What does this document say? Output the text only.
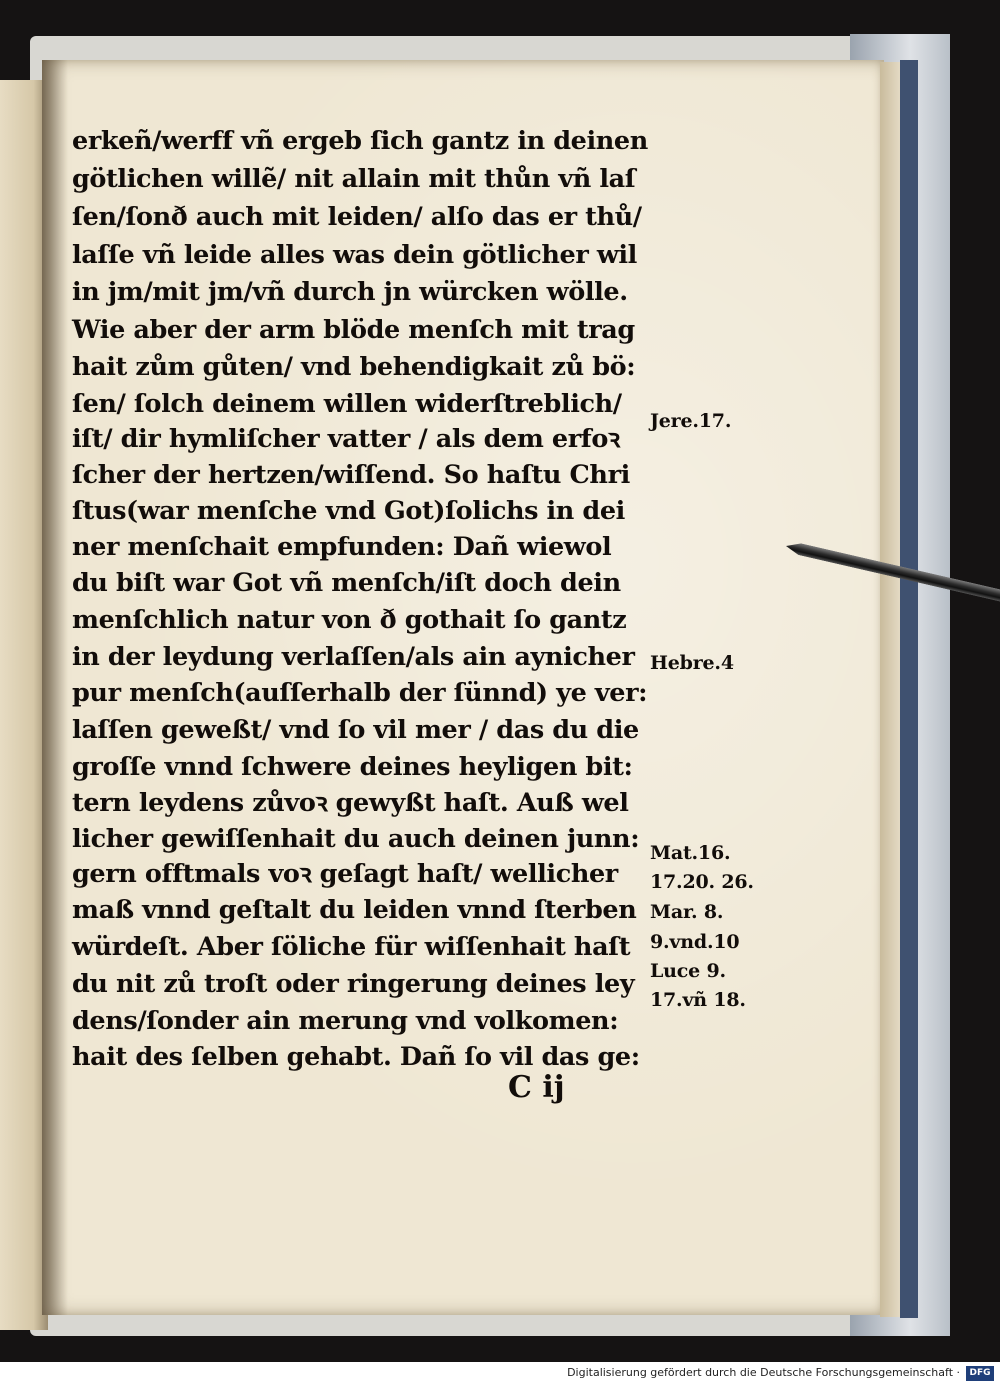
erkeñ/werff vñ ergeb ſich gantz in deinen
götlichen willẽ/ nit allain mit thůn vñ laſ
ſen/ſonð auch mit leiden/ alſo das er thů/
laſſe vñ leide alles was dein götlicher wil
in jm/mit jm/vñ durch jn würcken wölle.
Wie aber der arm blöde menſch mit trag
hait zům gůten/ vnd behendigkait zů bö:
ſen/ ſolch deinem willen widerſtreblich/
iſt/ dir hymliſcher vatter / als dem erfoꝛ
ſcher der hertzen/wiſſend. So haſtu Chri
ſtus(war menſche vnd Got)ſolichs in dei
ner menſchait empfunden: Dañ wiewol
du biſt war Got vñ menſch/iſt doch dein
menſchlich natur von ð gothait ſo gantz
in der leydung verlaſſen/als ain aynicher
pur menſch(auſſerhalb der ſünnd) ye ver:
laſſen geweßt/ vnd ſo vil mer / das du die
groſſe vnnd ſchwere deines heyligen bit:
tern leydens zůvoꝛ gewyßt haſt. Auß wel
licher gewiſſenhait du auch deinen junn:
gern offtmals voꝛ geſagt haſt/ wellicher
maß vnnd geſtalt du leiden vnnd ſterben
würdeſt. Aber ſöliche für wiſſenhait haſt
du nit zů troſt oder ringerung deines ley
dens/ſonder ain merung vnd volkomen:
hait des ſelben gehabt. Dañ ſo vil das ge:
Jere.17.
Hebre.4
Mat.16.
17.20. 26.
Mar. 8.
9.vnd.10
Luce 9.
17.vñ 18.
C ij
Digitalisierung gefördert durch die Deutsche Forschungsgemeinschaft ·	DFG
